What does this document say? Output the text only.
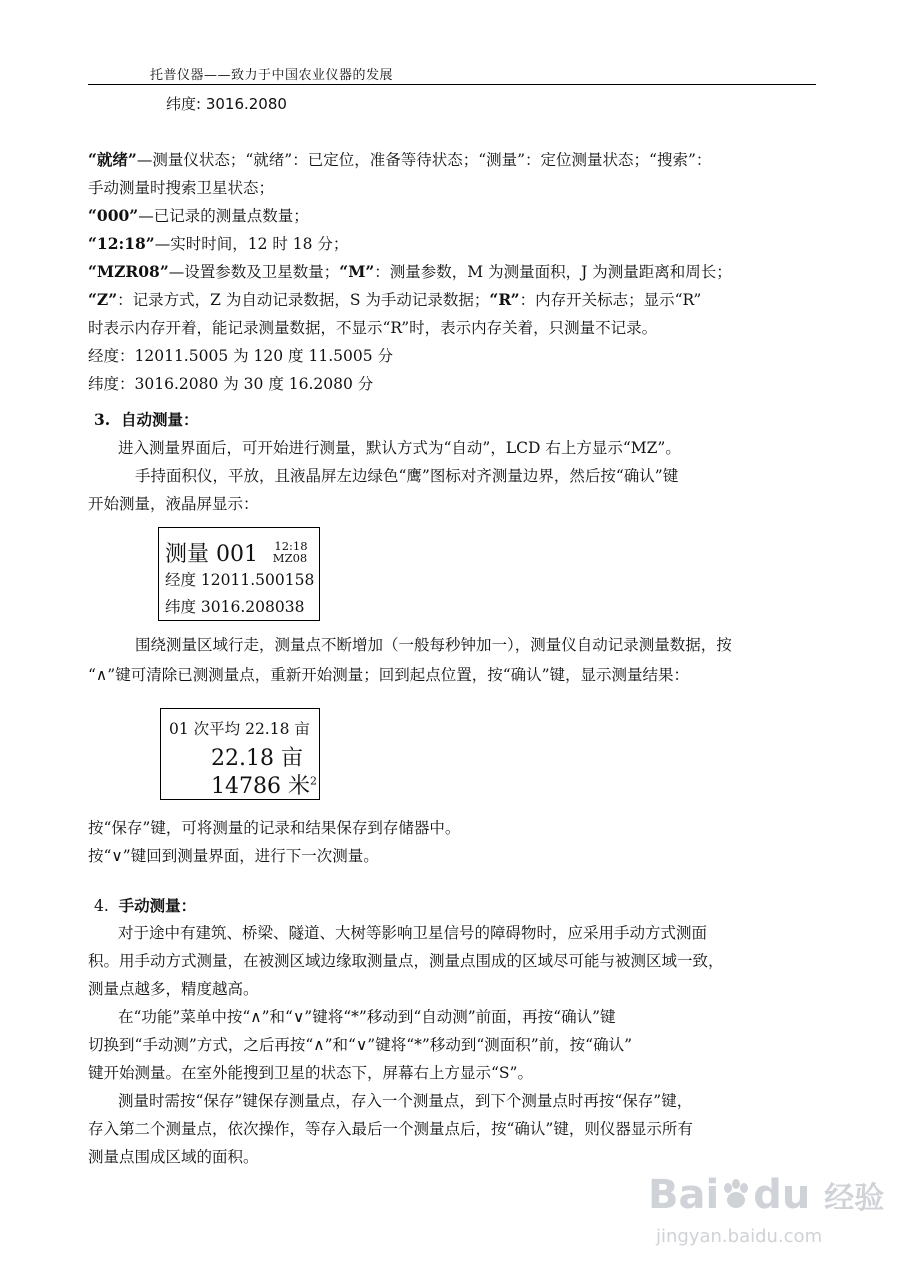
托普仪器——致力于中国农业仪器的发展
纬度: 3016.2080
“就绪”—测量仪状态；“就绪”：已定位，准备等待状态；“测量”：定位测量状态；“搜索”：
手动测量时搜索卫星状态；
“000”—已记录的测量点数量；
“12:18”—实时时间，12 时 18 分；
“MZR08”—设置参数及卫星数量；“M”：测量参数，M 为测量面积，J 为测量距离和周长；
“Z”：记录方式，Z 为自动记录数据，S 为手动记录数据；“R”：内存开关标志；显示“R”
时表示内存开着，能记录测量数据，不显示“R”时，表示内存关着，只测量不记录。
经度：12011.5005 为 120 度 11.5005 分
纬度：3016.2080 为 30 度 16.2080 分
3. 自动测量：
进入测量界面后，可开始进行测量，默认方式为“自动”，LCD 右上方显示“MZ”。
手持面积仪，平放，且液晶屏左边绿色“鹰”图标对齐测量边界，然后按“确认”键
开始测量，液晶屏显示：
测量 001 12:18
MZ08
经度 12011.500158
纬度 3016.208038
围绕测量区域行走，测量点不断增加（一般每秒钟加一），测量仪自动记录测量数据，按
“∧”键可清除已测测量点，重新开始测量；回到起点位置，按“确认”键，显示测量结果：
01 次平均 22.18 亩
22.18 亩
14786 米$^2$
按“保存”键，可将测量的记录和结果保存到存储器中。
按“∨”键回到测量界面，进行下一次测量。
4. 手动测量：
对于途中有建筑、桥梁、隧道、大树等影响卫星信号的障碍物时，应采用手动方式测面
积。用手动方式测量，在被测区域边缘取测量点，测量点围成的区域尽可能与被测区域一致，
测量点越多，精度越高。
在“功能”菜单中按“∧”和“∨”键将“*”移动到“自动测”前面，再按“确认”键
切换到“手动测”方式，之后再按“∧”和“∨”键将“*”移动到“测面积”前，按“确认”
键开始测量。在室外能搜到卫星的状态下，屏幕右上方显示“S”。
测量时需按“保存”键保存测量点，存入一个测量点，到下个测量点时再按“保存”键，
存入第二个测量点，依次操作，等存入最后一个测量点后，按“确认”键，则仪器显示所有
测量点围成区域的面积。
Bai du 经验
jingyan.baidu.com
